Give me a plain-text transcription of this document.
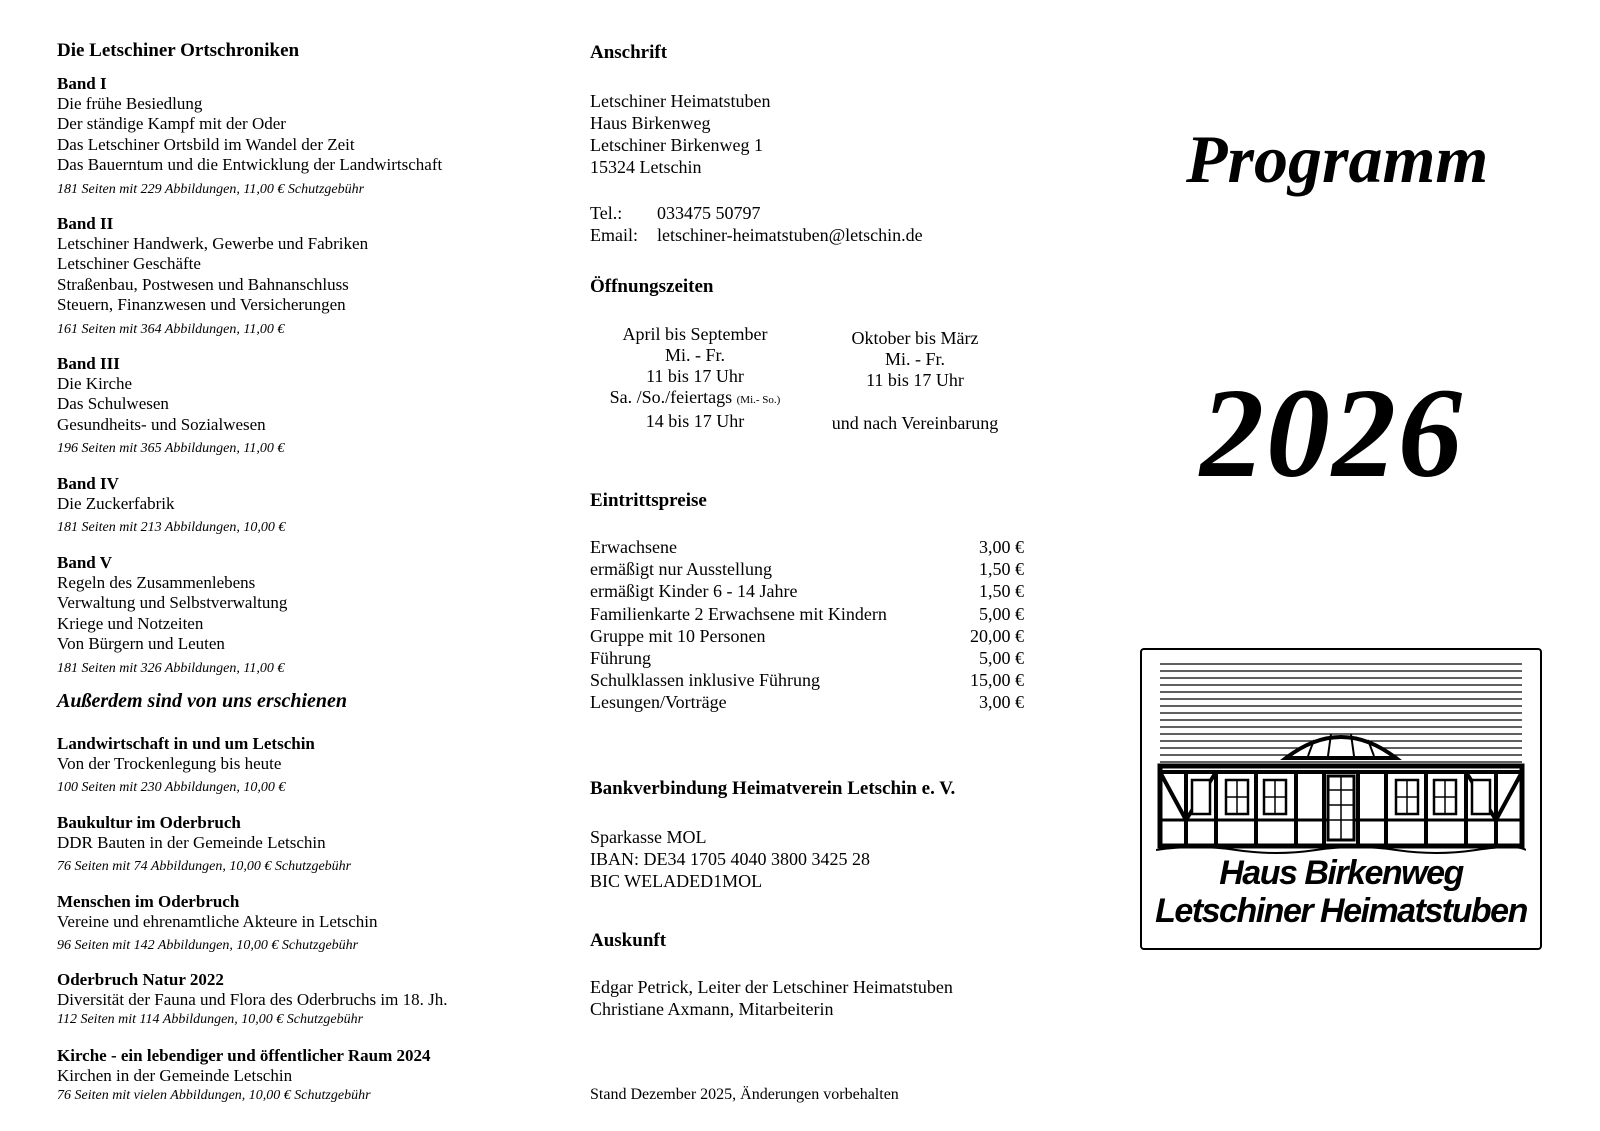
Die Letschiner Ortschroniken
Band I
Die frühe Besiedlung
Der ständige Kampf mit der Oder
Das Letschiner Ortsbild im Wandel der Zeit
Das Bauerntum und die Entwicklung der Landwirtschaft
181 Seiten mit 229 Abbildungen, 11,00 € Schutzgebühr
Band II
Letschiner Handwerk, Gewerbe und Fabriken
Letschiner Geschäfte
Straßenbau, Postwesen und Bahnanschluss
Steuern, Finanzwesen und Versicherungen
161 Seiten mit 364 Abbildungen, 11,00 €
Band III
Die Kirche
Das Schulwesen
Gesundheits- und Sozialwesen
196 Seiten mit 365 Abbildungen, 11,00 €
Band IV
Die Zuckerfabrik
181 Seiten mit 213 Abbildungen, 10,00 €
Band V
Regeln des Zusammenlebens
Verwaltung und Selbstverwaltung
Kriege und Notzeiten
Von Bürgern und Leuten
181 Seiten mit 326 Abbildungen, 11,00 €
Außerdem sind von uns erschienen
Landwirtschaft in und um Letschin
Von der Trockenlegung bis heute
100 Seiten mit 230 Abbildungen, 10,00 €
Baukultur im Oderbruch
DDR Bauten in der Gemeinde Letschin
76 Seiten mit 74 Abbildungen, 10,00 € Schutzgebühr
Menschen im Oderbruch
Vereine und ehrenamtliche Akteure in Letschin
96 Seiten mit 142 Abbildungen, 10,00 € Schutzgebühr
Oderbruch Natur 2022
Diversität der Fauna und Flora des Oderbruchs im 18. Jh.
112 Seiten mit 114 Abbildungen, 10,00 € Schutzgebühr
Kirche - ein lebendiger und öffentlicher Raum 2024
Kirchen in der Gemeinde Letschin
76 Seiten mit vielen Abbildungen, 10,00 € Schutzgebühr
Anschrift
Letschiner Heimatstuben
Haus Birkenweg
Letschiner Birkenweg 1
15324 Letschin
Tel.:	033475 50797
Email:	letschiner-heimatstuben@letschin.de
Öffnungszeiten
April bis September
Mi. - Fr.
11 bis 17 Uhr
Sa. /So./feiertags (Mi.- So.)
14 bis 17 Uhr
Oktober bis März
Mi. - Fr.
11 bis 17 Uhr
und nach Vereinbarung
Eintrittspreise
Erwachsene	3,00 €
ermäßigt nur Ausstellung	1,50 €
ermäßigt Kinder 6 - 14 Jahre	1,50 €
Familienkarte 2 Erwachsene mit Kindern	5,00 €
Gruppe mit 10 Personen	20,00 €
Führung	5,00 €
Schulklassen inklusive Führung	15,00 €
Lesungen/Vorträge	3,00 €
Bankverbindung Heimatverein Letschin e. V.
Sparkasse MOL
IBAN: DE34 1705 4040 3800 3425 28
BIC WELADED1MOL
Auskunft
Edgar Petrick, Leiter der Letschiner Heimatstuben
Christiane Axmann, Mitarbeiterin
Stand Dezember 2025, Änderungen vorbehalten
Programm
2026
Haus Birkenweg
Letschiner Heimatstuben
